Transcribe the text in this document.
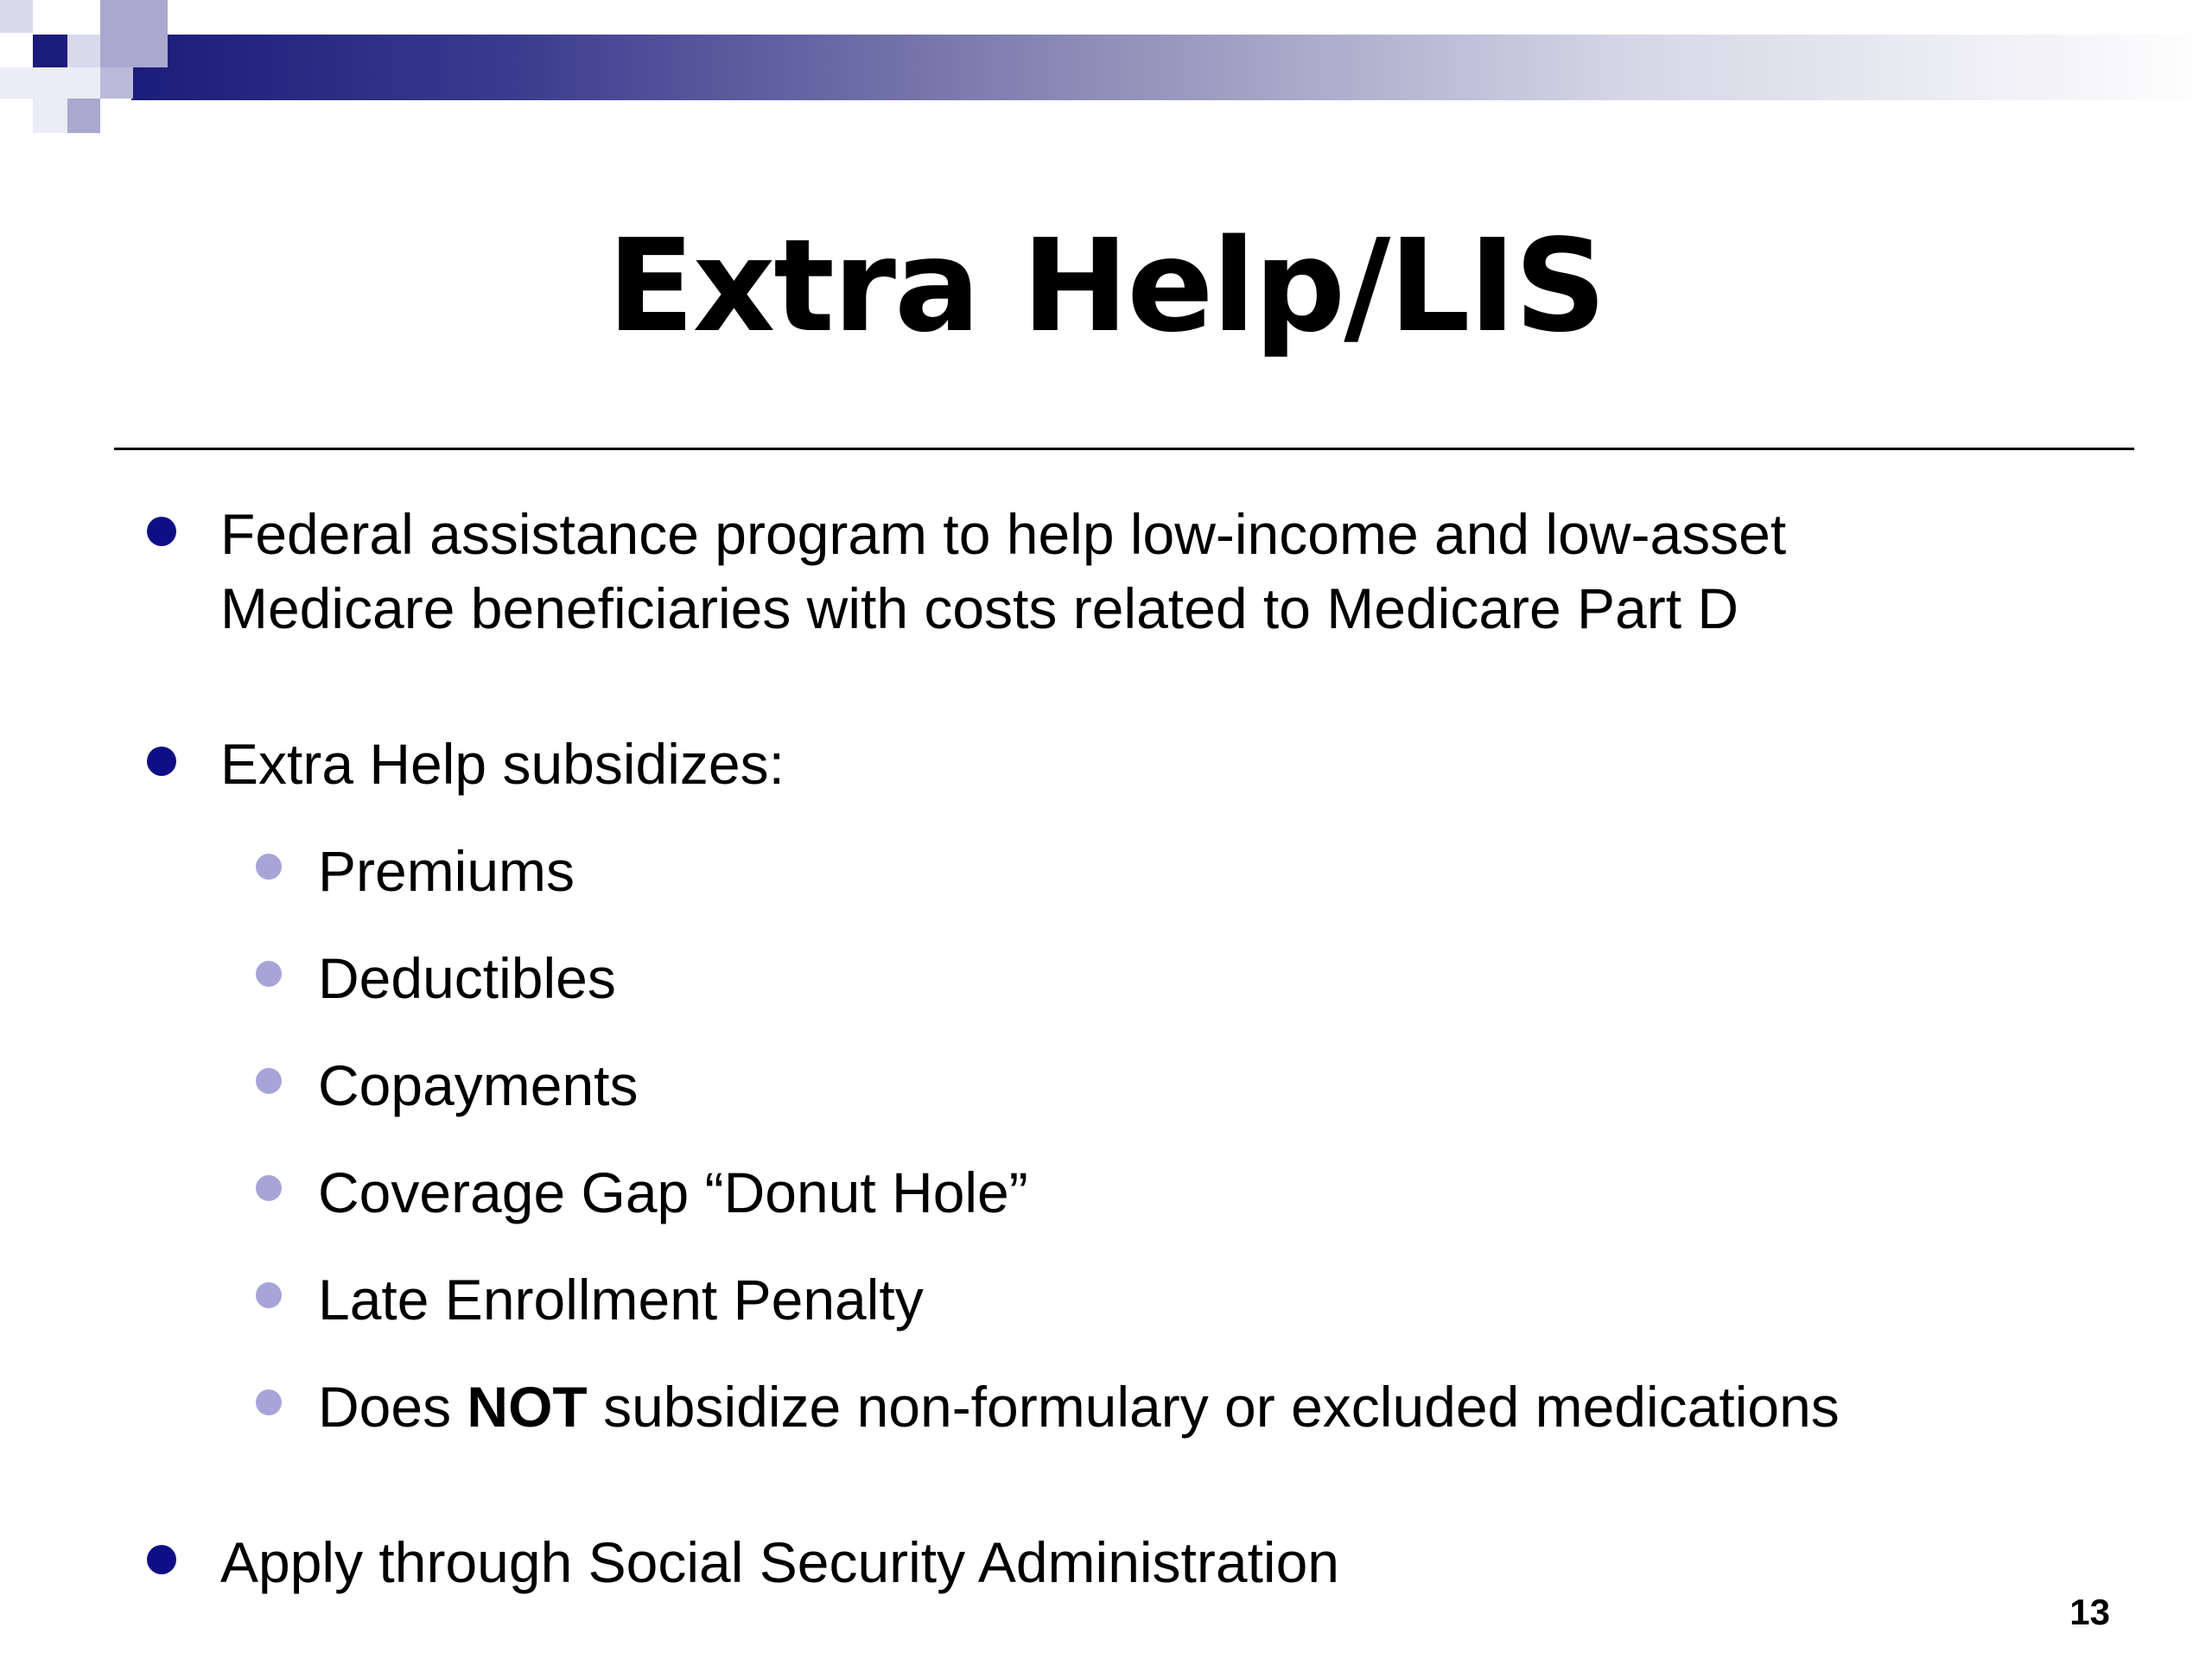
Extra Help/LIS
Federal assistance program to help low-income and low-asset
Medicare beneficiaries with costs related to Medicare Part D
Extra Help subsidizes:
Premiums
Deductibles
Copayments
Coverage Gap “Donut Hole”
Late Enrollment Penalty
Does NOT subsidize non-formulary or excluded medications
Apply through Social Security Administration
13
